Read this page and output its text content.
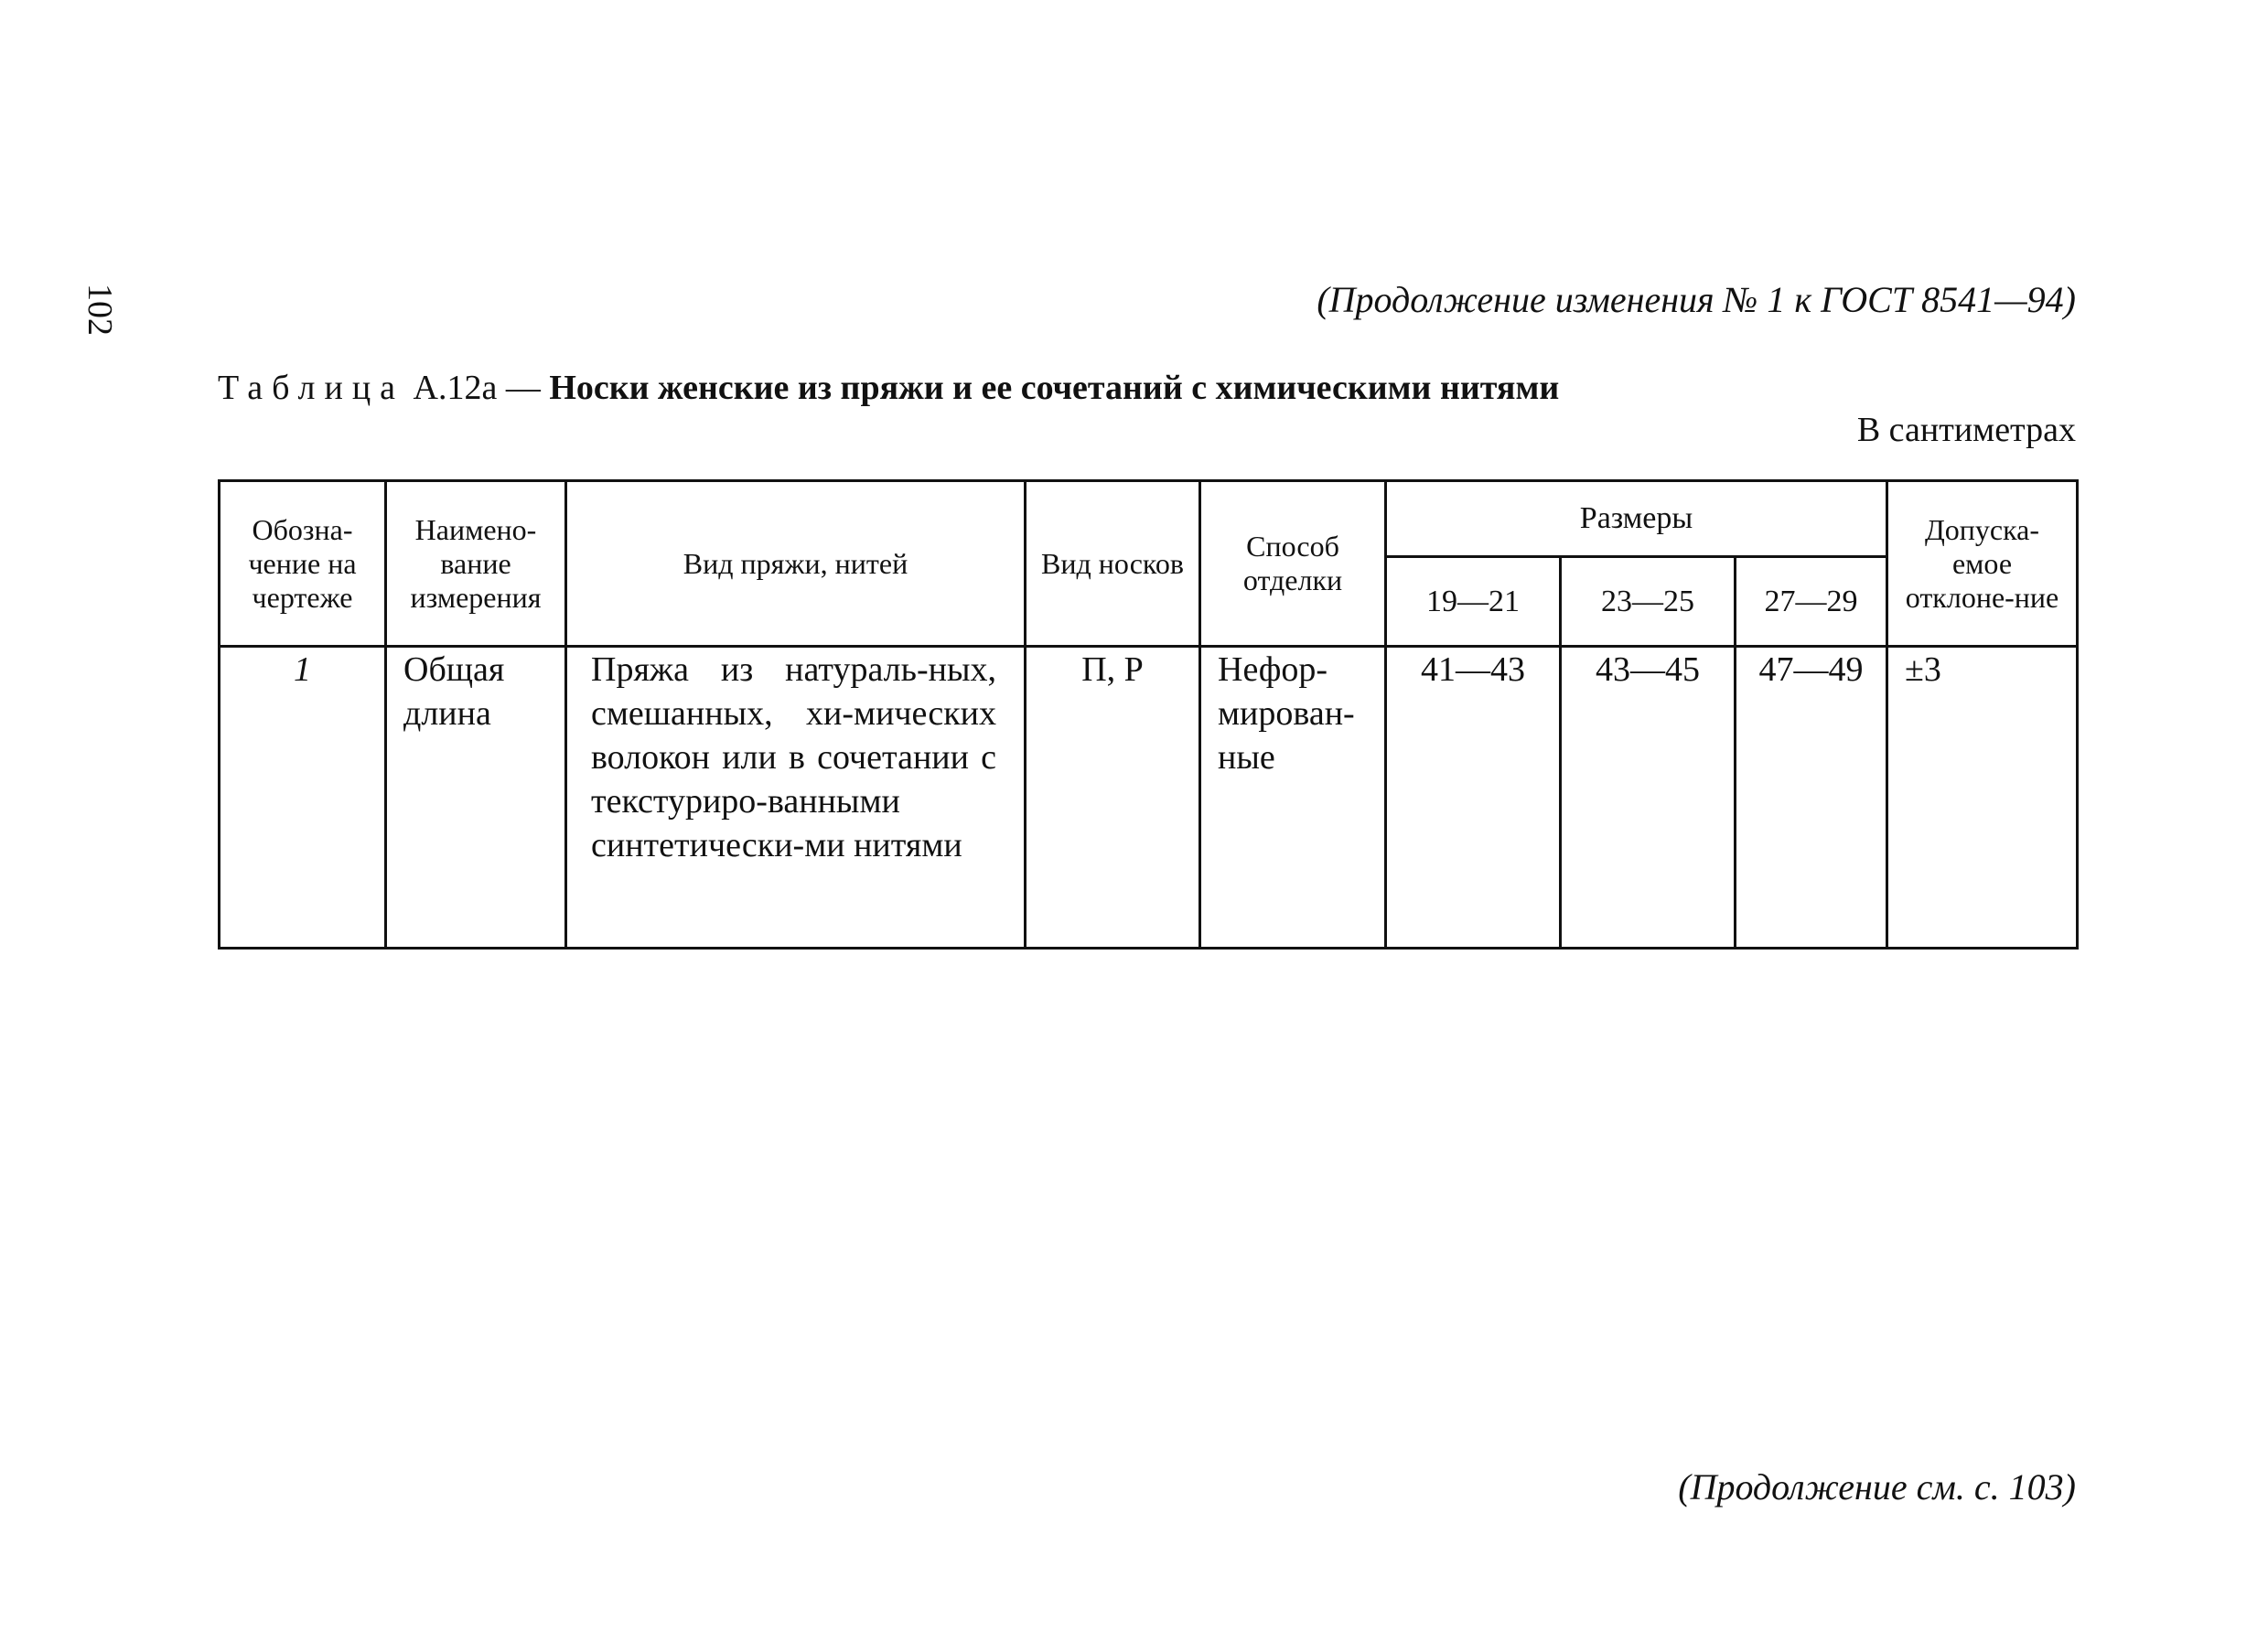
102	(Продолжение изменения № 1 к ГОСТ 8541—94)
Таблица А.12а — Носки женские из пряжи и ее сочетаний с химическими нитями
В сантиметрах
Обозна-чение на чертеже	Наимено-вание измерения	Вид пряжи, нитей	Вид носков	Способ отделки	Размеры			Допуска-емое отклоне-ние
					19—21	23—25	27—29	
1	Общая длина	Пряжа из натураль-ных, смешанных, хи-мических волокон или в сочетании с текстуриро-ванными синтетически-ми нитями	П, Р	Нефор-мирован-ные	41—43	43—45	47—49	±3
(Продолжение см. с. 103)
